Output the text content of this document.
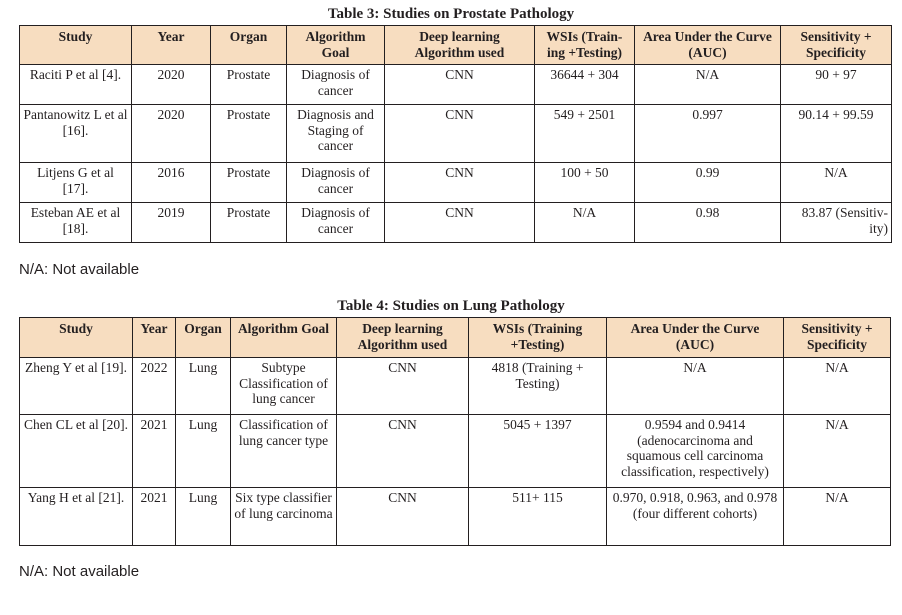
Table 3: Studies on Prostate Pathology
Study	Year	Organ	Algorithm Goal	Deep learning Algorithm used	WSIs (Train-ing +Testing)	Area Under the Curve (AUC)	Sensitivity + Specificity
Raciti P et al [4].	2020	Prostate	Diagnosis of cancer	CNN	36644 + 304	N/A	90 + 97
Pantanowitz L et al [16].	2020	Prostate	Diagnosis and Staging of cancer	CNN	549 + 2501	0.997	90.14 + 99.59
Litjens G et al [17].	2016	Prostate	Diagnosis of cancer	CNN	100 + 50	0.99	N/A
Esteban AE et al [18].	2019	Prostate	Diagnosis of cancer	CNN	N/A	0.98	83.87 (Sensitiv-ity)
N/A: Not available
Table 4: Studies on Lung Pathology
Study	Year	Organ	Algorithm Goal	Deep learning Algorithm used	WSIs (Training +Testing)	Area Under the Curve (AUC)	Sensitivity + Specificity
Zheng Y et al [19].	2022	Lung	Subtype Classification of lung cancer	CNN	4818 (Training + Testing)	N/A	N/A
Chen CL et al [20].	2021	Lung	Classification of lung cancer type	CNN	5045 + 1397	0.9594 and 0.9414 (adenocarcinoma and squamous cell carcinoma classification, respectively)	N/A
Yang H et al [21].	2021	Lung	Six type classifier of lung carcinoma	CNN	511+ 115	0.970, 0.918, 0.963, and 0.978 (four different cohorts)	N/A
N/A: Not available
